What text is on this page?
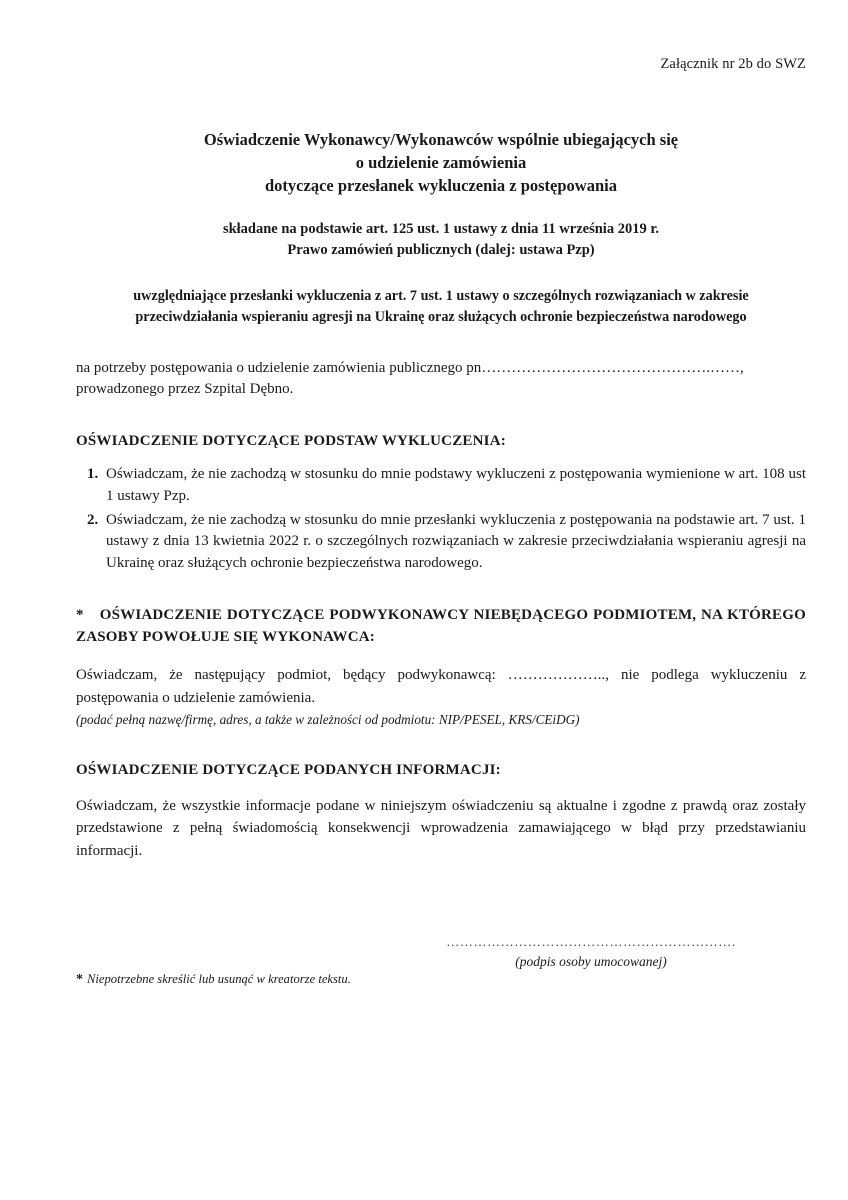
Załącznik nr 2b do SWZ
Oświadczenie Wykonawcy/Wykonawców wspólnie ubiegających się
o udzielenie zamówienia
dotyczące przesłanek wykluczenia z postępowania
składane na podstawie art. 125 ust. 1 ustawy z dnia 11 września 2019 r.
Prawo zamówień publicznych (dalej: ustawa Pzp)
uwzględniające przesłanki wykluczenia z art. 7 ust. 1 ustawy o szczególnych rozwiązaniach w zakresie
przeciwdziałania wspieraniu agresji na Ukrainę oraz służących ochronie bezpieczeństwa narodowego
na potrzeby postępowania o udzielenie zamówienia publicznego pn……………………………………….……,
prowadzonego przez Szpital Dębno.
OŚWIADCZENIE DOTYCZĄCE PODSTAW WYKLUCZENIA:
1. Oświadczam, że nie zachodzą w stosunku do mnie podstawy wykluczeni z postępowania wymienione w art. 108 ust 1 ustawy Pzp.
2. Oświadczam, że nie zachodzą w stosunku do mnie przesłanki wykluczenia z postępowania na podstawie art. 7 ust. 1 ustawy z dnia 13 kwietnia 2022 r. o szczególnych rozwiązaniach w zakresie przeciwdziałania wspieraniu agresji na Ukrainę oraz służących ochronie bezpieczeństwa narodowego.
* OŚWIADCZENIE DOTYCZĄCE PODWYKONAWCY NIEBĘDĄCEGO PODMIOTEM, NA KTÓREGO ZASOBY POWOŁUJE SIĘ WYKONAWCA:
Oświadczam, że następujący podmiot, będący podwykonawcą: ……………….., nie podlega wykluczeniu z postępowania o udzielenie zamówienia.
(podać pełną nazwę/firmę, adres, a także w zależności od podmiotu: NIP/PESEL, KRS/CEiDG)
OŚWIADCZENIE DOTYCZĄCE PODANYCH INFORMACJI:
Oświadczam, że wszystkie informacje podane w niniejszym oświadczeniu są aktualne i zgodne z prawdą oraz zostały przedstawione z pełną świadomością konsekwencji wprowadzenia zamawiającego w błąd przy przedstawianiu informacji.
……………………………………………………….
(podpis osoby umocowanej)
* Niepotrzebne skreślić lub usunąć w kreatorze tekstu.
